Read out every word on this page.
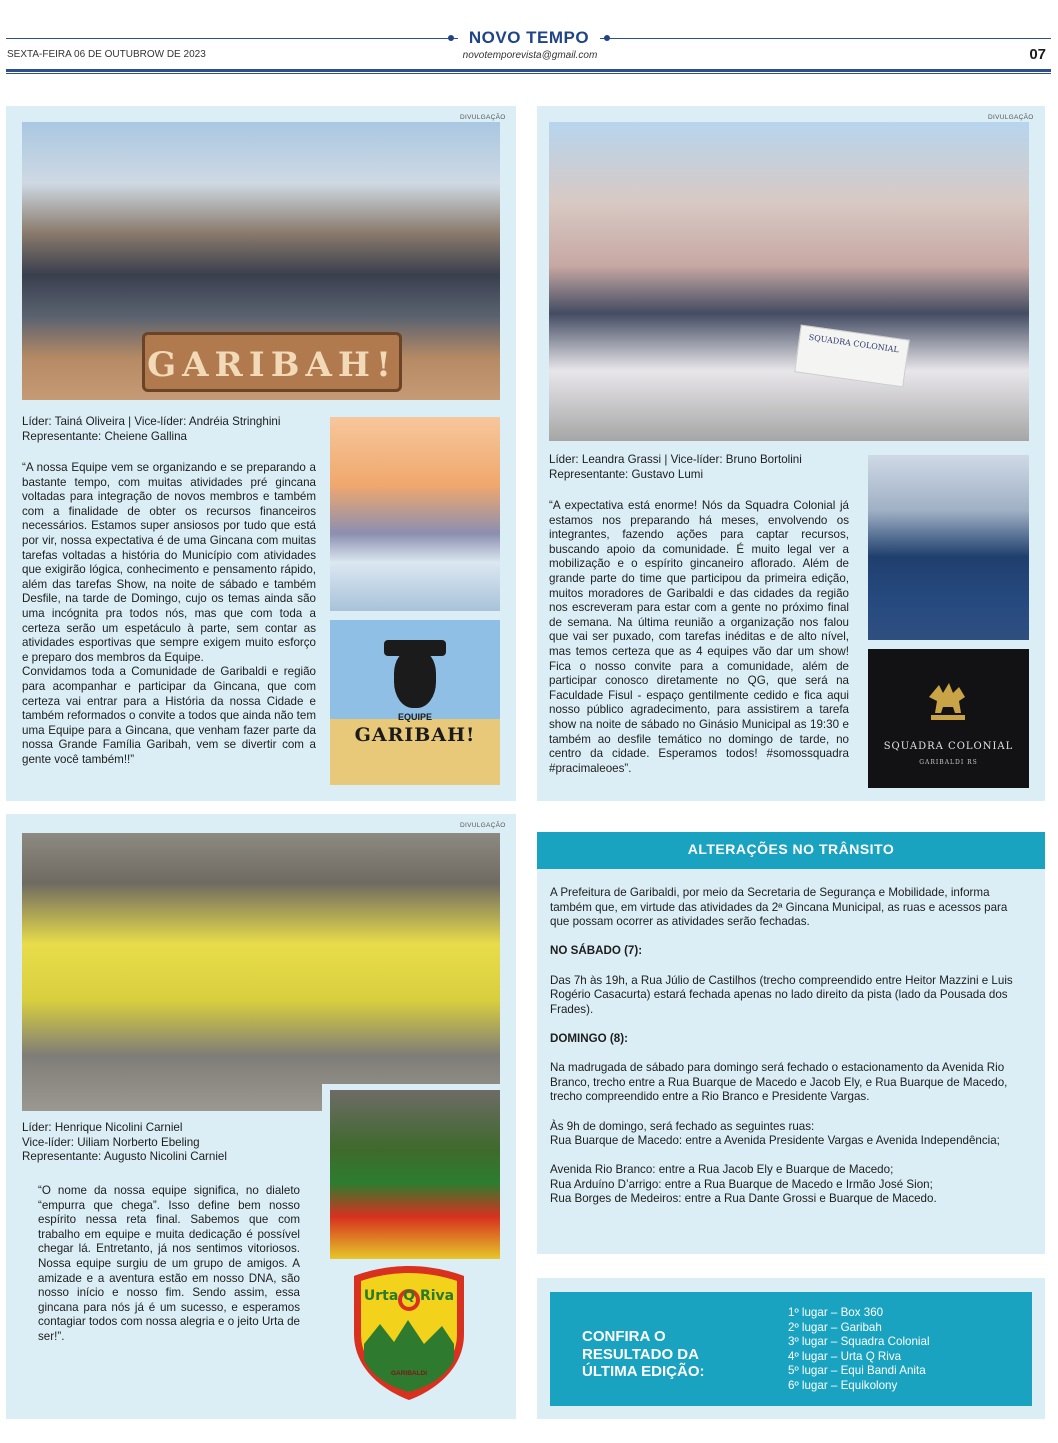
NOVO TEMPO
SEXTA-FEIRA 06 DE OUTUBROW DE 2023	novotemporevista@gmail.com	07
DIVULGAÇÃO
GARIBAH!
Líder: Tainá Oliveira | Vice-líder: Andréia Stringhini
Representante: Cheiene Gallina

“A nossa Equipe vem se organizando e se preparando a bastante tempo, com muitas atividades pré gincana voltadas para integração de novos membros e também com a finalidade de obter os recursos financeiros necessários. Estamos super ansiosos por tudo que está por vir, nossa expectativa é de uma Gincana com muitas tarefas voltadas a história do Município com atividades que exigirão lógica, conhecimento e pensamento rápido, além das tarefas Show, na noite de sábado e também Desfile, na tarde de Domingo, cujo os temas ainda são uma incógnita pra todos nós, mas que com toda a certeza serão um espetáculo à parte, sem contar as atividades esportivas que sempre exigem muito esforço e preparo dos membros da Equipe.

Convidamos toda a Comunidade de Garibaldi e região para acompanhar e participar da Gincana, que com certeza vai entrar para a História da nossa Cidade e também reformados o convite a todos que ainda não tem uma Equipe para a Gincana, que venham fazer parte da nossa Grande Família Garibah, vem se divertir com a gente você também!!”

EQUIPE
GARIBAH!
DIVULGAÇÃO
SQUADRA COLONIAL
Líder: Leandra Grassi | Vice-líder: Bruno Bortolini
Representante: Gustavo Lumi

“A expectativa está enorme! Nós da Squadra Colonial já estamos nos preparando há meses, envolvendo os integrantes, fazendo ações para captar recursos, buscando apoio da comunidade. É muito legal ver a mobilização e o espírito gincaneiro aflorado. Além de grande parte do time que participou da primeira edição, muitos moradores de Garibaldi e das cidades da região nos escreveram para estar com a gente no próximo final de semana. Na última reunião a organização nos falou que vai ser puxado, com tarefas inéditas e de alto nível, mas temos certeza que as 4 equipes vão dar um show! Fica o nosso convite para a comunidade, além de participar conosco diretamente no QG, que será na Faculdade Fisul - espaço gentilmente cedido e fica aqui nosso público agradecimento, para assistirem a tarefa show na noite de sábado no Ginásio Municipal as 19:30 e também ao desfile temático no domingo de tarde, no centro da cidade. Esperamos todos! #somossquadra #pracimaleoes”.

SQUADRA COLONIAL
GARIBALDI RS
DIVULGAÇÃO
Líder: Henrique Nicolini Carniel
Vice-líder: Uiliam Norberto Ebeling
Representante: Augusto Nicolini Carniel

“O nome da nossa equipe significa, no dialeto “empurra que chega”. Isso define bem nosso espírito nessa reta final. Sabemos que com trabalho em equipe e muita dedicação é possível chegar lá. Entretanto, já nos sentimos vitoriosos. Nossa equipe surgiu de um grupo de amigos. A amizade e a aventura estão em nosso DNA, são nosso início e nosso fim. Sendo assim, essa gincana para nós já é um sucesso, e esperamos contagiar todos com nossa alegria e o jeito Urta de ser!”.

Urta Q Riva
GARIBALDI
ALTERAÇÕES NO TRÂNSITO

A Prefeitura de Garibaldi, por meio da Secretaria de Segurança e Mobilidade, informa também que, em virtude das atividades da 2ª Gincana Municipal, as ruas e acessos para que possam ocorrer as atividades serão fechadas.

NO SÁBADO (7):

Das 7h às 19h, a Rua Júlio de Castilhos (trecho compreendido entre Heitor Mazzini e Luis Rogério Casacurta) estará fechada apenas no lado direito da pista (lado da Pousada dos Frades).

DOMINGO (8):

Na madrugada de sábado para domingo será fechado o estacionamento da Avenida Rio Branco, trecho entre a Rua Buarque de Macedo e Jacob Ely, e Rua Buarque de Macedo, trecho compreendido entre a Rio Branco e Presidente Vargas.

Às 9h de domingo, será fechado as seguintes ruas:

Rua Buarque de Macedo: entre a Avenida Presidente Vargas e Avenida Independência;

Avenida Rio Branco: entre a Rua Jacob Ely e Buarque de Macedo;

Rua Arduíno D’arrigo: entre a Rua Buarque de Macedo e Irmão José Sion;

Rua Borges de Medeiros: entre a Rua Dante Grossi e Buarque de Macedo.

CONFIRA O
RESULTADO DA
ÚLTIMA EDIÇÃO:
1º lugar – Box 360
2º lugar – Garibah
3º lugar – Squadra Colonial
4º lugar – Urta Q Riva
5º lugar – Equi Bandi Anita
6º lugar – Equikolony
